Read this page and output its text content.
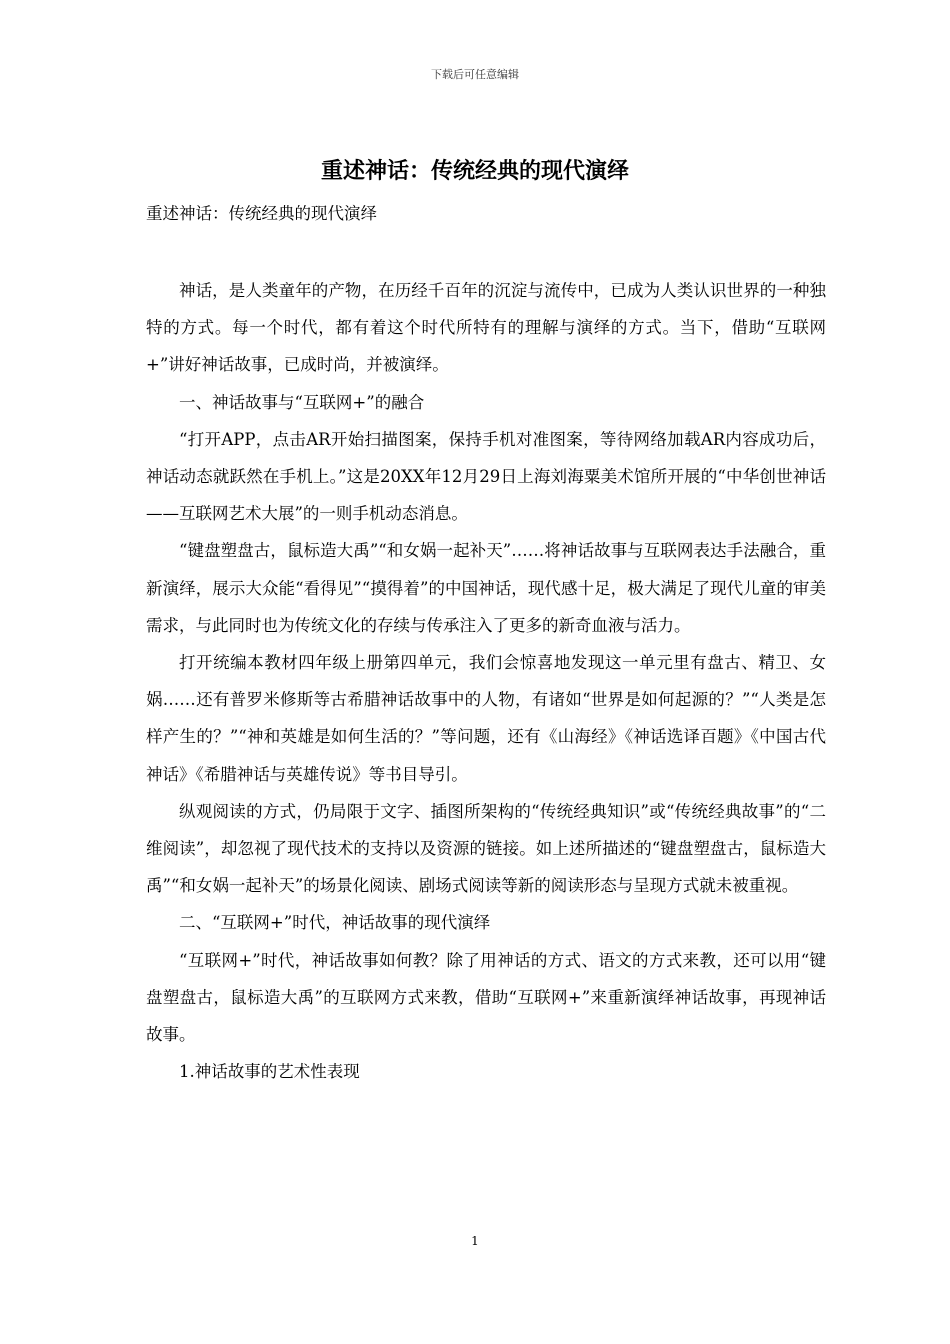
下载后可任意编辑
重述神话：传统经典的现代演绎
重述神话：传统经典的现代演绎

神话，是人类童年的产物，在历经千百年的沉淀与流传中，已成为人类认识世界的一种独特的方式。每一个时代，都有着这个时代所特有的理解与演绎的方式。当下，借助“互联网+”讲好神话故事，已成时尚，并被演绎。

一、神话故事与“互联网+”的融合

“打开APP，点击AR开始扫描图案，保持手机对准图案，等待网络加载AR内容成功后，神话动态就跃然在手机上。”这是20XX年12月29日上海刘海粟美术馆所开展的“中华创世神话——互联网艺术大展”的一则手机动态消息。

“键盘塑盘古，鼠标造大禹”“和女娲一起补天”……将神话故事与互联网表达手法融合，重新演绎，展示大众能“看得见”“摸得着”的中国神话，现代感十足，极大满足了现代儿童的审美需求，与此同时也为传统文化的存续与传承注入了更多的新奇血液与活力。

打开统编本教材四年级上册第四单元，我们会惊喜地发现这一单元里有盘古、精卫、女娲……还有普罗米修斯等古希腊神话故事中的人物，有诸如“世界是如何起源的？”“人类是怎样产生的？”“神和英雄是如何生活的？”等问题，还有《山海经》《神话选译百题》《中国古代神话》《希腊神话与英雄传说》等书目导引。

纵观阅读的方式，仍局限于文字、插图所架构的“传统经典知识”或“传统经典故事”的“二维阅读”，却忽视了现代技术的支持以及资源的链接。如上述所描述的“键盘塑盘古，鼠标造大禹”“和女娲一起补天”的场景化阅读、剧场式阅读等新的阅读形态与呈现方式就未被重视。

二、“互联网+”时代，神话故事的现代演绎

“互联网+”时代，神话故事如何教？除了用神话的方式、语文的方式来教，还可以用“键盘塑盘古，鼠标造大禹”的互联网方式来教，借助“互联网+”来重新演绎神话故事，再现神话故事。

1.神话故事的艺术性表现

1
